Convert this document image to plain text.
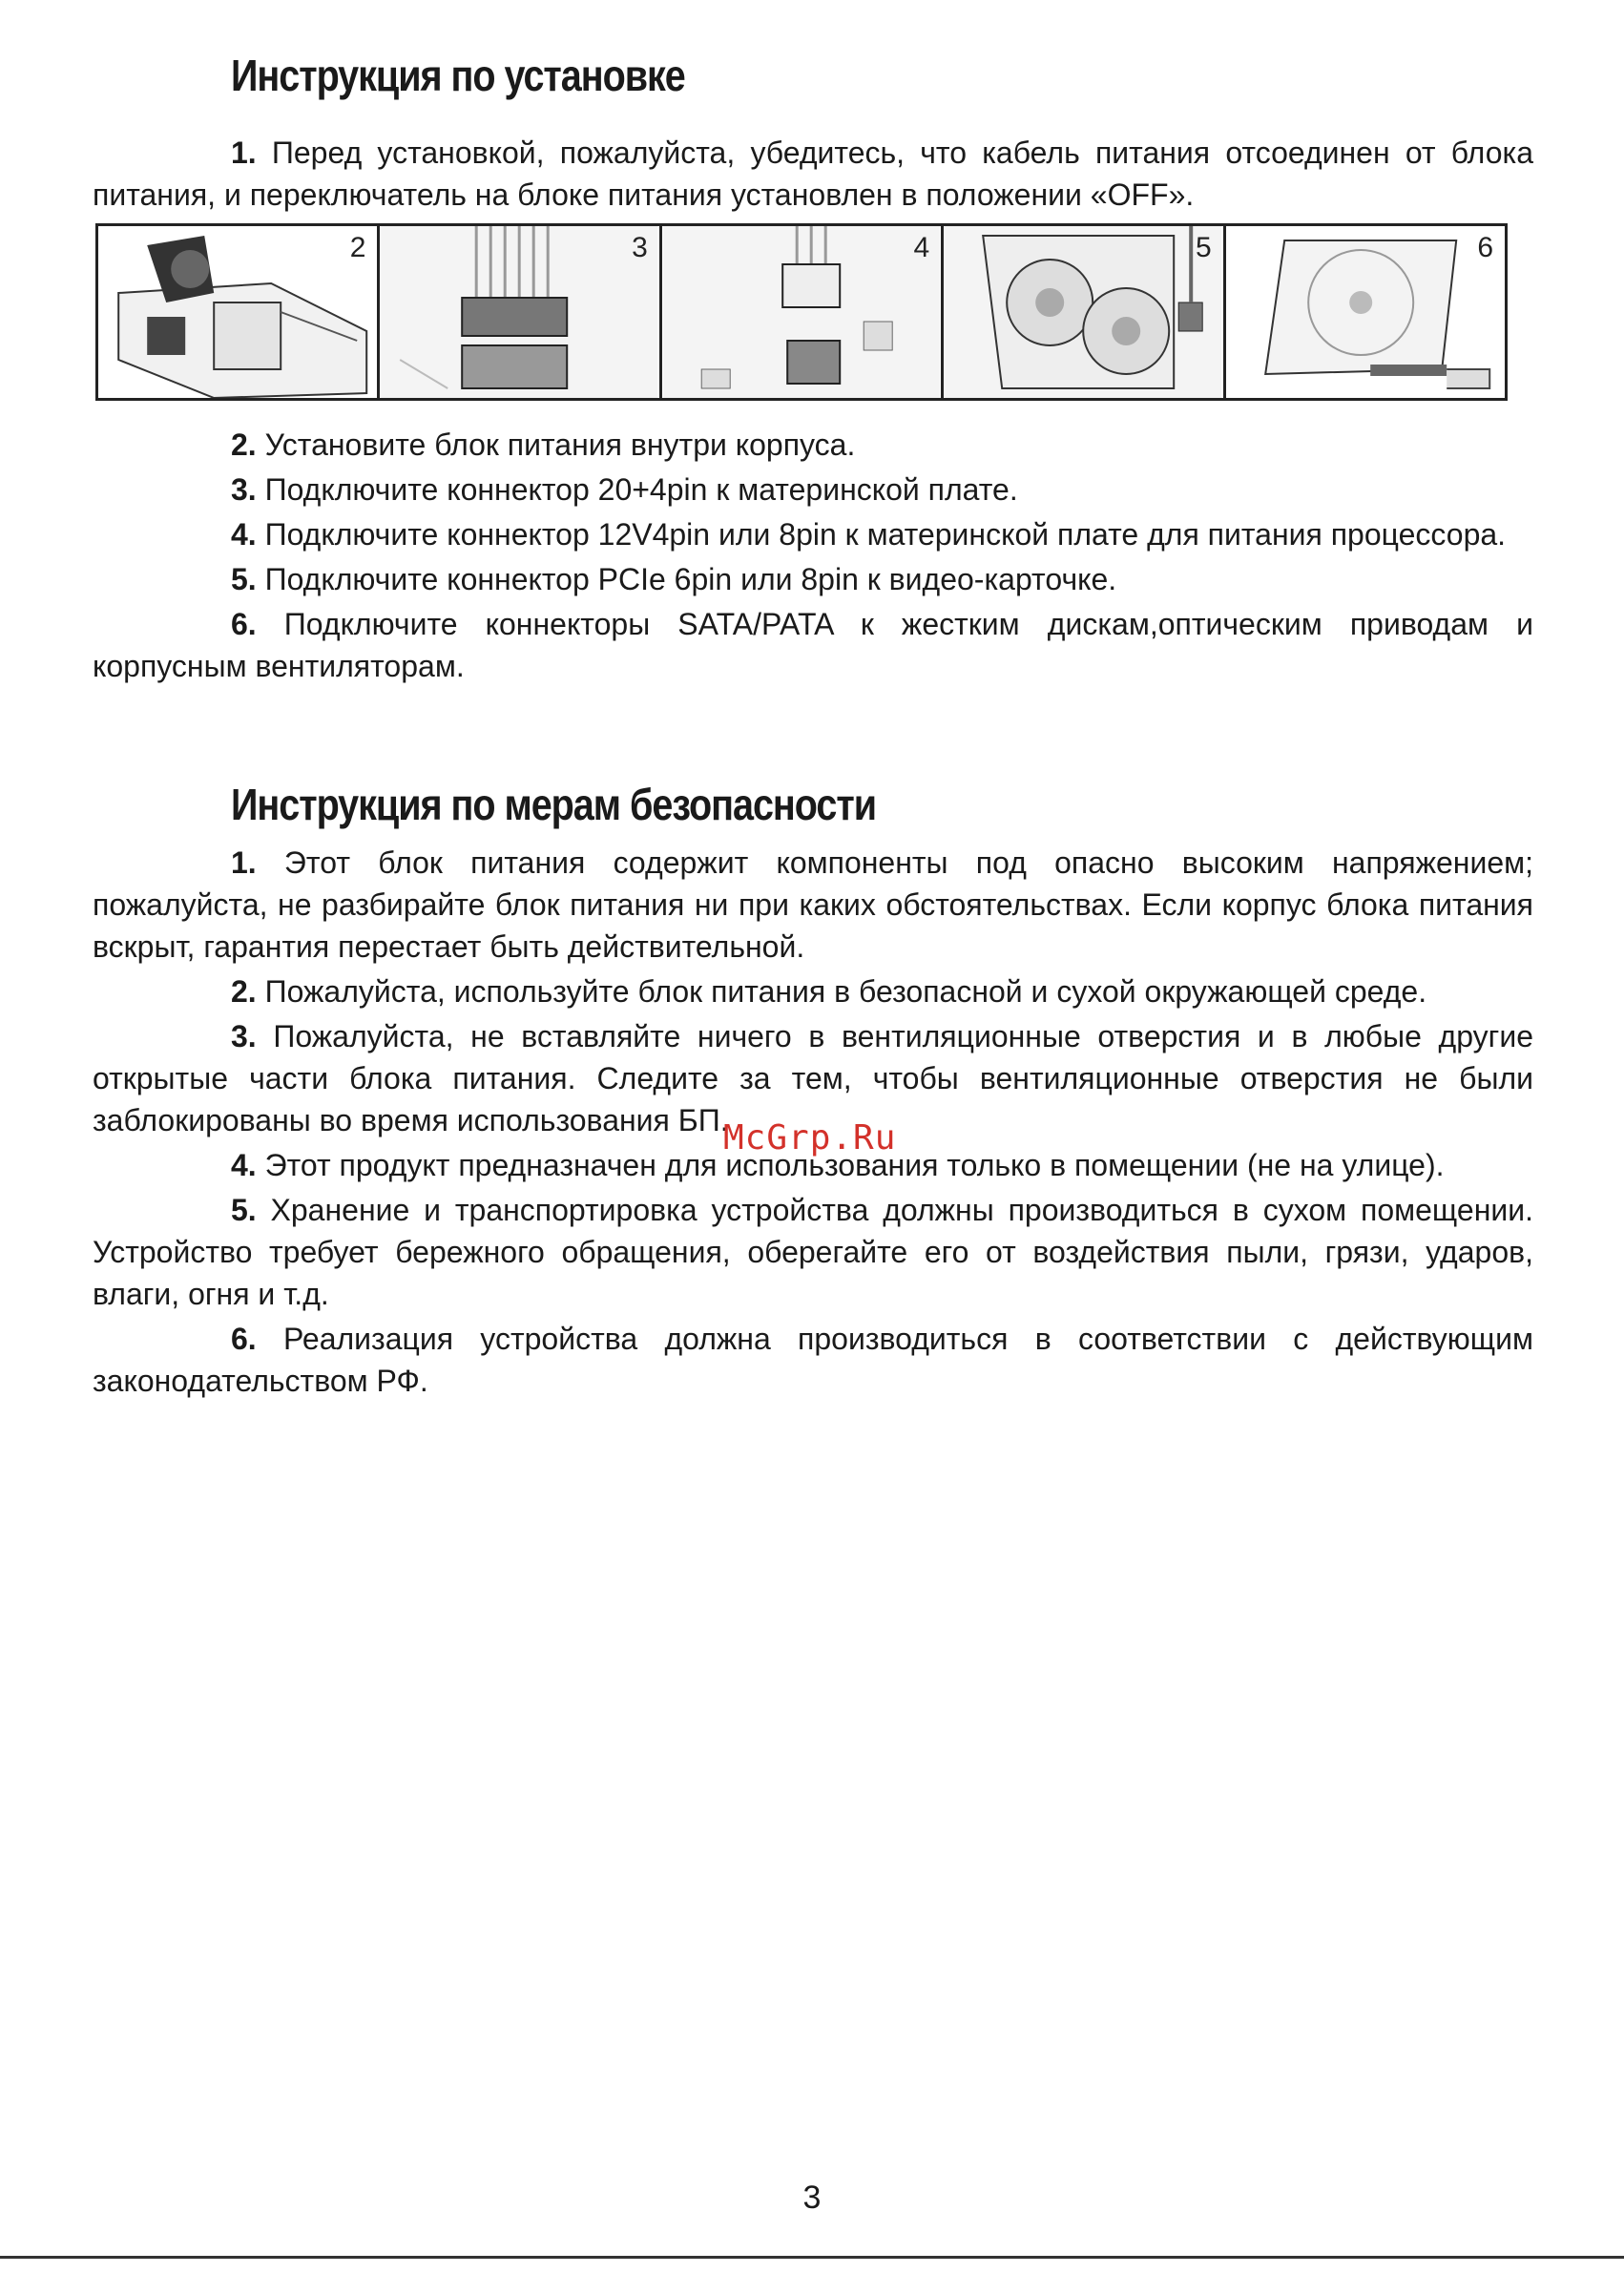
Инструкция по установке

1. Перед установкой, пожалуйста, убедитесь, что кабель питания отсоединен от блока питания, и переключатель на блоке питания установлен в положении «OFF».

2	3	4	5	6

2. Установите блок питания внутри корпуса.

3. Подключите коннектор 20+4pin к материнской плате.

4. Подключите коннектор 12V4pin или 8pin к материнской плате для питания процессора.

5. Подключите коннектор PCIe 6pin или 8pin к видео-карточке.

6. Подключите коннекторы SATA/PATA к жестким дискам,оптическим приводам и корпусным вентиляторам.

Инструкция по мерам безопасности

1. Этот блок питания содержит компоненты под опасно высоким напряжением; пожалуйста, не разбирайте блок питания ни при каких обстоятельствах. Если корпус блока питания вскрыт, гарантия перестает быть действительной.

2. Пожалуйста, используйте блок питания в безопасной и сухой окружающей среде.

3. Пожалуйста, не вставляйте ничего в вентиляционные отверстия и в любые другие открытые части блока питания. Следите за тем, чтобы вентиляционные отверстия не были заблокированы во время использования БП.

4. Этот продукт предназначен для использования только в помещении (не на улице).

5. Хранение и транспортировка устройства должны производиться в сухом помещении. Устройство требует бережного обращения, оберегайте его от воздействия пыли, грязи, ударов, влаги, огня и т.д.

6. Реализация устройства должна производиться в соответствии с действующим законодательством РФ.

McGrp.Ru
3
